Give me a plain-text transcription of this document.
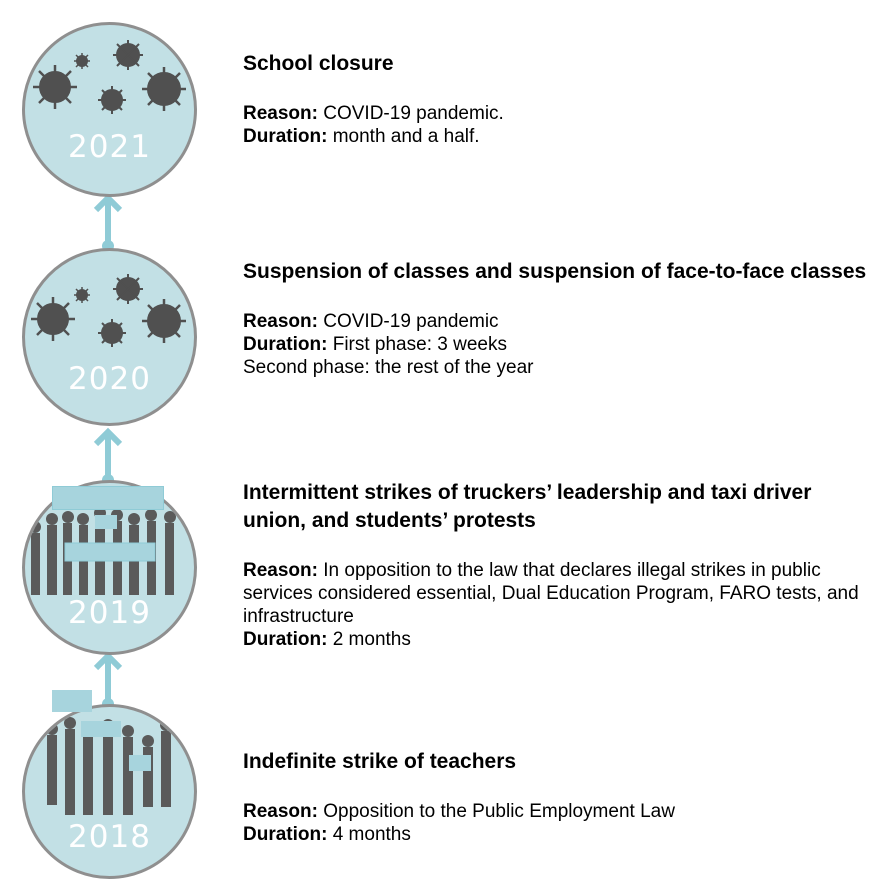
2021
2020
2019
2018

School closure

Reason: COVID-19 pandemic.

Duration: month and a half.

Suspension of classes and suspension of face-to-face classes

Reason: COVID-19 pandemic

Duration: First phase: 3 weeks

Second phase: the rest of the year

Intermittent strikes of truckers’ leadership and taxi driver union, and students’ protests

Reason: In opposition to the law that declares illegal strikes in public services considered essential, Dual Education Program, FARO tests, and infrastructure

Duration: 2 months

Indefinite strike of teachers

Reason: Opposition to the Public Employment Law

Duration: 4 months
